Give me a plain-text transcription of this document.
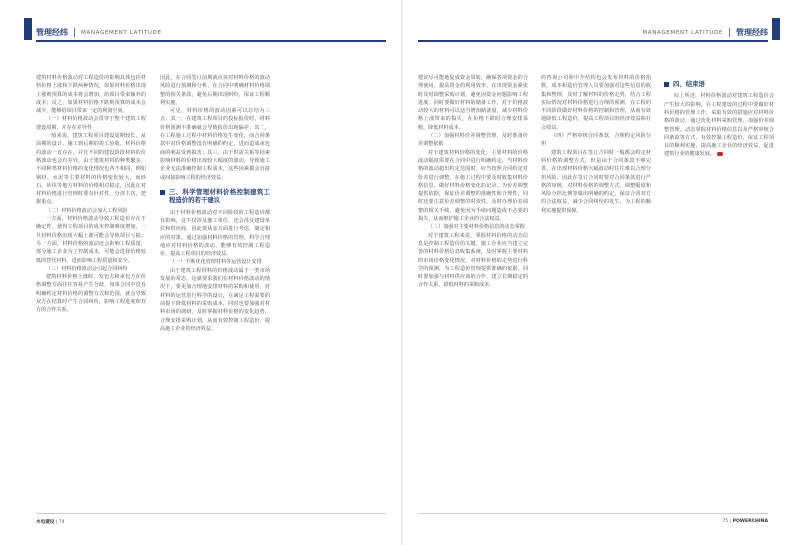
管理经纬 MANAGEMENT LATITUDE	MANAGEMENT LATITUDE 管理经纬

建筑材料价格波动对工程造价的影响具体包括材料价格上涨和下跌两种情况，如果材料价格出现上涨则预算的成本将会增加，给项目带来额外的成本；反之，如果材料价格下跌则预算的成本会减少，能够给项目带来一定的利润空间。

（一）材料价格波动会贯穿于整个建筑工程建设周期，并存在差异性

一般来说，建筑工程项目建设周期较长，从前期的设计、施工到后期的竣工验收，材料价格的波动一直存在，并且不同的建设阶段材料的价格波动也会有差异。由于建筑材料的种类繁多，不同种类材料价格的变化情况也各不相同，例如钢材、水泥等主要材料的价格变化较大，而砂石、砖块等地方材料的价格相对稳定，因此在对材料价格进行管理时要有针对性，分清主次，把握重点。

（二）材料价格波动会加大工程风险

一方面，材料价格波动导致工程造价存在不确定性，使得工程项目的成本控制难度增加，一旦材料价格出现大幅上涨可能会导致项目亏损；另一方面，材料价格的波动还会影响工程质量，部分施工企业为了控制成本，可能会选择价格较低的替代材料，进而影响工程质量和安全。

（三）材料价格波动会引起合同纠纷

建筑材料价格上涨时，发包方和承包方在价格调整方面往往容易产生分歧，如果合同中没有明确约定材料价格的调整方式和范围，就会导致双方在结算时产生合同纠纷，影响工程进度和双方的合作关系。

因此，在合同签订前期就应该对材料价格的波动风险进行预测和分析，在合同中明确材料价格调整的相关条款，避免后期出现纠纷，保证工程顺利实施。

可见，材料价格的波动因素可以总结为三点：其一，在建筑工程项目的投标报价时，材料价格预测不准确就会导致报价出现偏差；其二，在工程施工过程中材料价格发生变化，而合同条款中对价格调整没有明确的约定，进而造成承包商的利益受到损害；其三，由于供需关系等因素影响材料的价格出现较大幅度的波动，导致施工企业无法准确控制工程成本，这些因素都会直接或间接影响工程的经济效益。

三、科学管理材料价格控制建筑工程造价的若干建议

由于材料价格波动对不同阶段的工程造价都有影响，这不仅涉及施工单位，还会涉及建设单位和供应商，因此要从多方面进行考虑，制定相应的对策。通过加强材料价格的管理，科学合理地应对材料价格的波动，能够有效控制工程造价，提高工程项目的经济效益。

（一）不断优化管理材料等运营设计安排

由于建筑工程材料的价格波动属于一类市场发展的常态，这就要求我们在材料价格波动的情况下，要更加合理地安排材料的采购和使用，对材料的运营进行科学的设计，在满足工程需要的前提下降低材料的采购成本，同时也要加强对材料市场的调研，及时掌握材料价格的变化趋势，合理安排采购计划，从而有效控制工程造价，提高施工企业的经济效益。

建议尽可能地促成资金周转，确保各项资金的合理使用，提高资金的利用效率，在出现资金紧张时及时调整采购计划，避免因资金问题影响工程进度。同时要做好材料的储备工作，对于价格波动较大的材料可以适当增加储备量，减少材料价格上涨带来的损失，在价格下跌时合理安排采购，降低材料成本。

（二）加强材料价差调整管理，及时准备价差调整依据

对于建筑材料价格的变化，主要材料的价格波动幅度需要在合同中进行明确约定，当材料价格的波动超出约定范围时，应当按照合同约定对价差进行调整。在施工过程中要及时收集材料价格信息，做好材料价格变化的记录，为价差调整提供依据，保证价差调整的准确性和合理性。同时还要注意价差调整的时效性，及时办理价差调整的相关手续，避免因为手续问题造成不必要的损失，从而维护施工企业的合法权益。

（三）加强对主要材料价格信息的动态掌握

对于建筑工程来说，掌握材料价格的动态信息是控制工程造价的关键，施工企业应当建立完善的材料价格信息收集系统，及时掌握主要材料的市场价格变化情况，对材料价格的走势进行科学的预测，为工程造价管理提供准确的依据。同时要加强与材料供应商的合作，建立长期稳定的合作关系，降低材料的采购成本。

的咨询公司和中介结构也会发布材料的价格指数，成本和造价管理人员要加强对这些信息的收集和整理，及时了解材料的价格走势，结合工程实际情况对材料价格进行合理的预测，在工程的不同阶段做好材料价格的控制和管理，从而有效地降低工程造价，提高工程项目的经济效益和社会效益。

（四）严格审核合同条款，合理约定风险分担

建筑工程项目在签订合同时一般都会约定材料价格的调整方式，但是由于合同条款不够完善，在出现材料价格大幅波动时往往难以合理分担风险。因此在签订合同时要对合同条款进行严格的审核，对材料价格的调整方式、调整幅度和风险分担比例等做出明确的约定，保证合同双方的合法权益，减少合同纠纷的发生，为工程的顺利实施提供保障。

四、结束语

综上所述，材料价格波动对建筑工程造价会产生较大的影响，在工程建设的过程中要做好材料价格的管理工作，采取有效的措施应对材料价格的波动，通过优化材料采购管理、加强价差调整管理、动态掌握材料价格信息以及严格审核合同条款等方式，有效控制工程造价，保证工程项目的顺利实施，提高施工企业的经济效益，促进建筑行业的健康发展。

水电建设 | 74	75 | POWERCHINA
